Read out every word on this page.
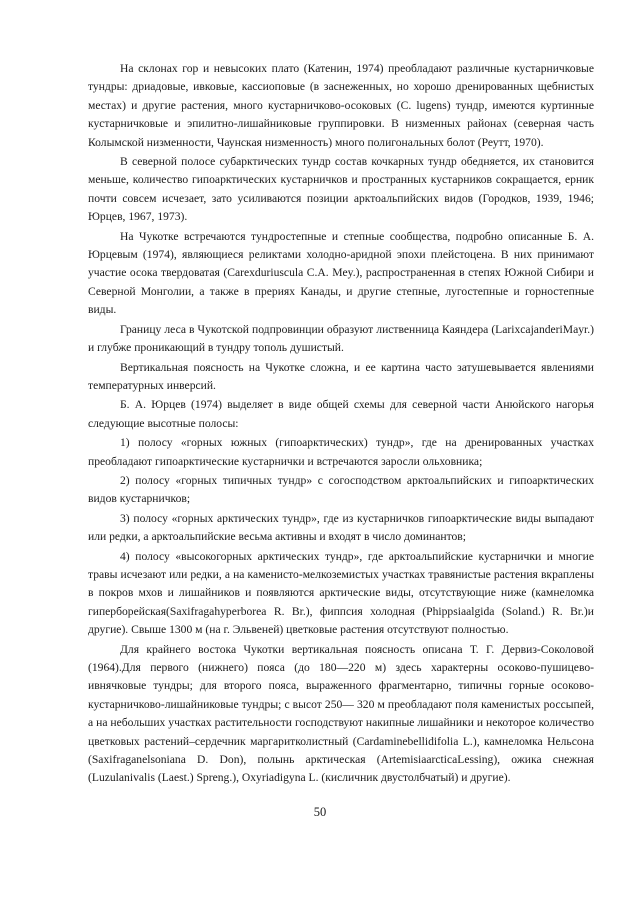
На склонах гор и невысоких плато (Катенин, 1974) преобладают различные кустарничковые тундры: дриадовые, ивковые, кассиоповые (в заснеженных, но хорошо дренированных щебнистых местах) и другие растения, много кустарничково-осоковых (C. lugens) тундр, имеются куртинные кустарничковые и эпилитно-лишайниковые группировки. В низменных районах (северная часть Колымской низменности, Чаунская низменность) много полигональных болот (Реутт, 1970).

В северной полосе субарктических тундр состав кочкарных тундр обедняется, их становится меньше, количество гипоарктических кустарничков и пространных кустарников сокращается, ерник почти совсем исчезает, зато усиливаются позиции арктоальпийских видов (Городков, 1939, 1946; Юрцев, 1967, 1973).

На Чукотке встречаются тундростепные и степные сообщества, подробно описанные Б. А. Юрцевым (1974), являющиеся реликтами холодно-аридной эпохи плейстоцена. В них принимают участие осока твердоватая (Carexduriuscula С.А. Mey.), распространенная в степях Южной Сибири и Северной Монголии, а также в прериях Канады, и другие степные, лугостепные и горностепные виды.

Границу леса в Чукотской подпровинции образуют лиственница Каяндера (LarixcajanderiMayr.) и глубже проникающий в тундру тополь душистый.

Вертикальная поясность на Чукотке сложна, и ее картина часто затушевывается явлениями температурных инверсий.

Б. А. Юрцев (1974) выделяет в виде общей схемы для северной части Анюйского нагорья следующие высотные полосы:

1) полосу «горных южных (гипоарктических) тундр», где на дренированных участках преобладают гипоарктические кустарнички и встречаются заросли ольховника;

2) полосу «горных типичных тундр» с согосподством арктоальпийских и гипоарктических видов кустарничков;

3) полосу «горных арктических тундр», где из кустарничков гипоарктические виды выпадают или редки, а арктоальпийские весьма активны и входят в число доминантов;

4) полосу «высокогорных арктических тундр», где арктоальпийские кустарнички и многие травы исчезают или редки, а на каменисто-мелкоземистых участках травянистые растения вкраплены в покров мхов и лишайников и появляются арктические виды, отсутствующие ниже (камнеломка гиперборейская(Saxifragahyperborea R. Br.), фиппсия холодная (Phippsiaalgida (Soland.) R. Br.)и другие). Свыше 1300 м (на г. Эльвеней) цветковые растения отсутствуют полностью.

Для крайнего востока Чукотки вертикальная поясность описана Т. Г. Дервиз-Соколовой (1964).Для первого (нижнего) пояса (до 180—220 м) здесь характерны осоково-пушицево-ивнячковые тундры; для второго пояса, выраженного фрагментарно, типичны горные осоково-кустарничково-лишайниковые тундры; с высот 250— 320 м преобладают поля каменистых россыпей, а на небольших участках растительности господствуют накипные лишайники и некоторое количество цветковых растений–сердечник маргаритколистный (Cardaminebellidifolia L.), камнеломка Нельсона (Saxifraganelsoniana D. Don), полынь арктическая (ArtemisiaarcticaLessing), ожика снежная (Luzulanivalis (Laest.) Spreng.), Oxyriadigyna L. (кисличник двустолбчатый) и другие).

50
